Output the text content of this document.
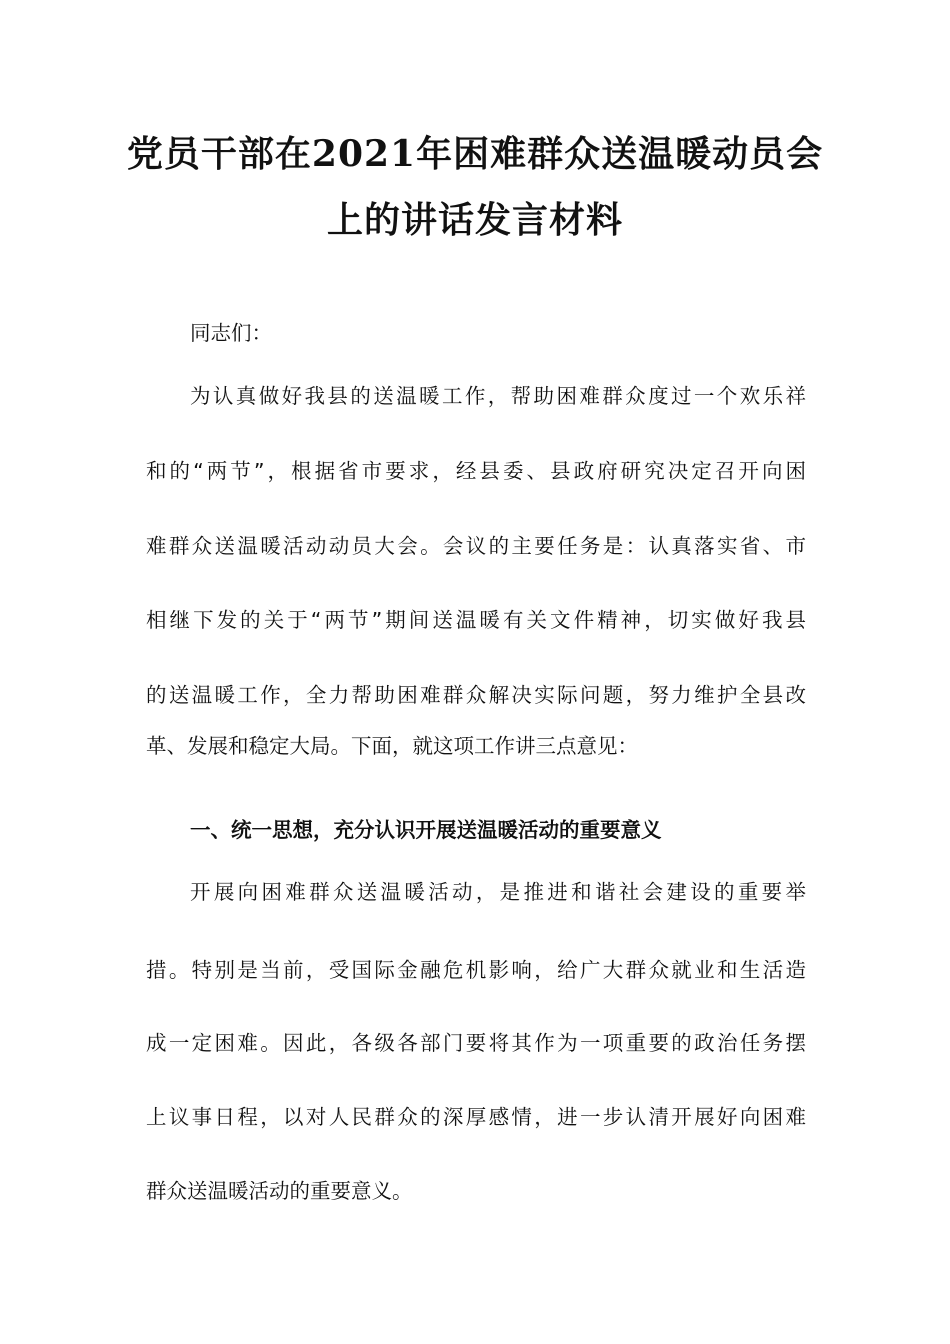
党员干部在2021年困难群众送温暖动员会
上的讲话发言材料

同志们：

为认真做好我县的送温暖工作，帮助困难群众度过一个欢乐祥

和的“两节”，根据省市要求，经县委、县政府研究决定召开向困

难群众送温暖活动动员大会。会议的主要任务是：认真落实省、市

相继下发的关于“两节”期间送温暖有关文件精神，切实做好我县

的送温暖工作，全力帮助困难群众解决实际问题，努力维护全县改

革、发展和稳定大局。下面，就这项工作讲三点意见：

一、统一思想，充分认识开展送温暖活动的重要意义

开展向困难群众送温暖活动，是推进和谐社会建设的重要举

措。特别是当前，受国际金融危机影响，给广大群众就业和生活造

成一定困难。因此，各级各部门要将其作为一项重要的政治任务摆

上议事日程，以对人民群众的深厚感情，进一步认清开展好向困难

群众送温暖活动的重要意义。
